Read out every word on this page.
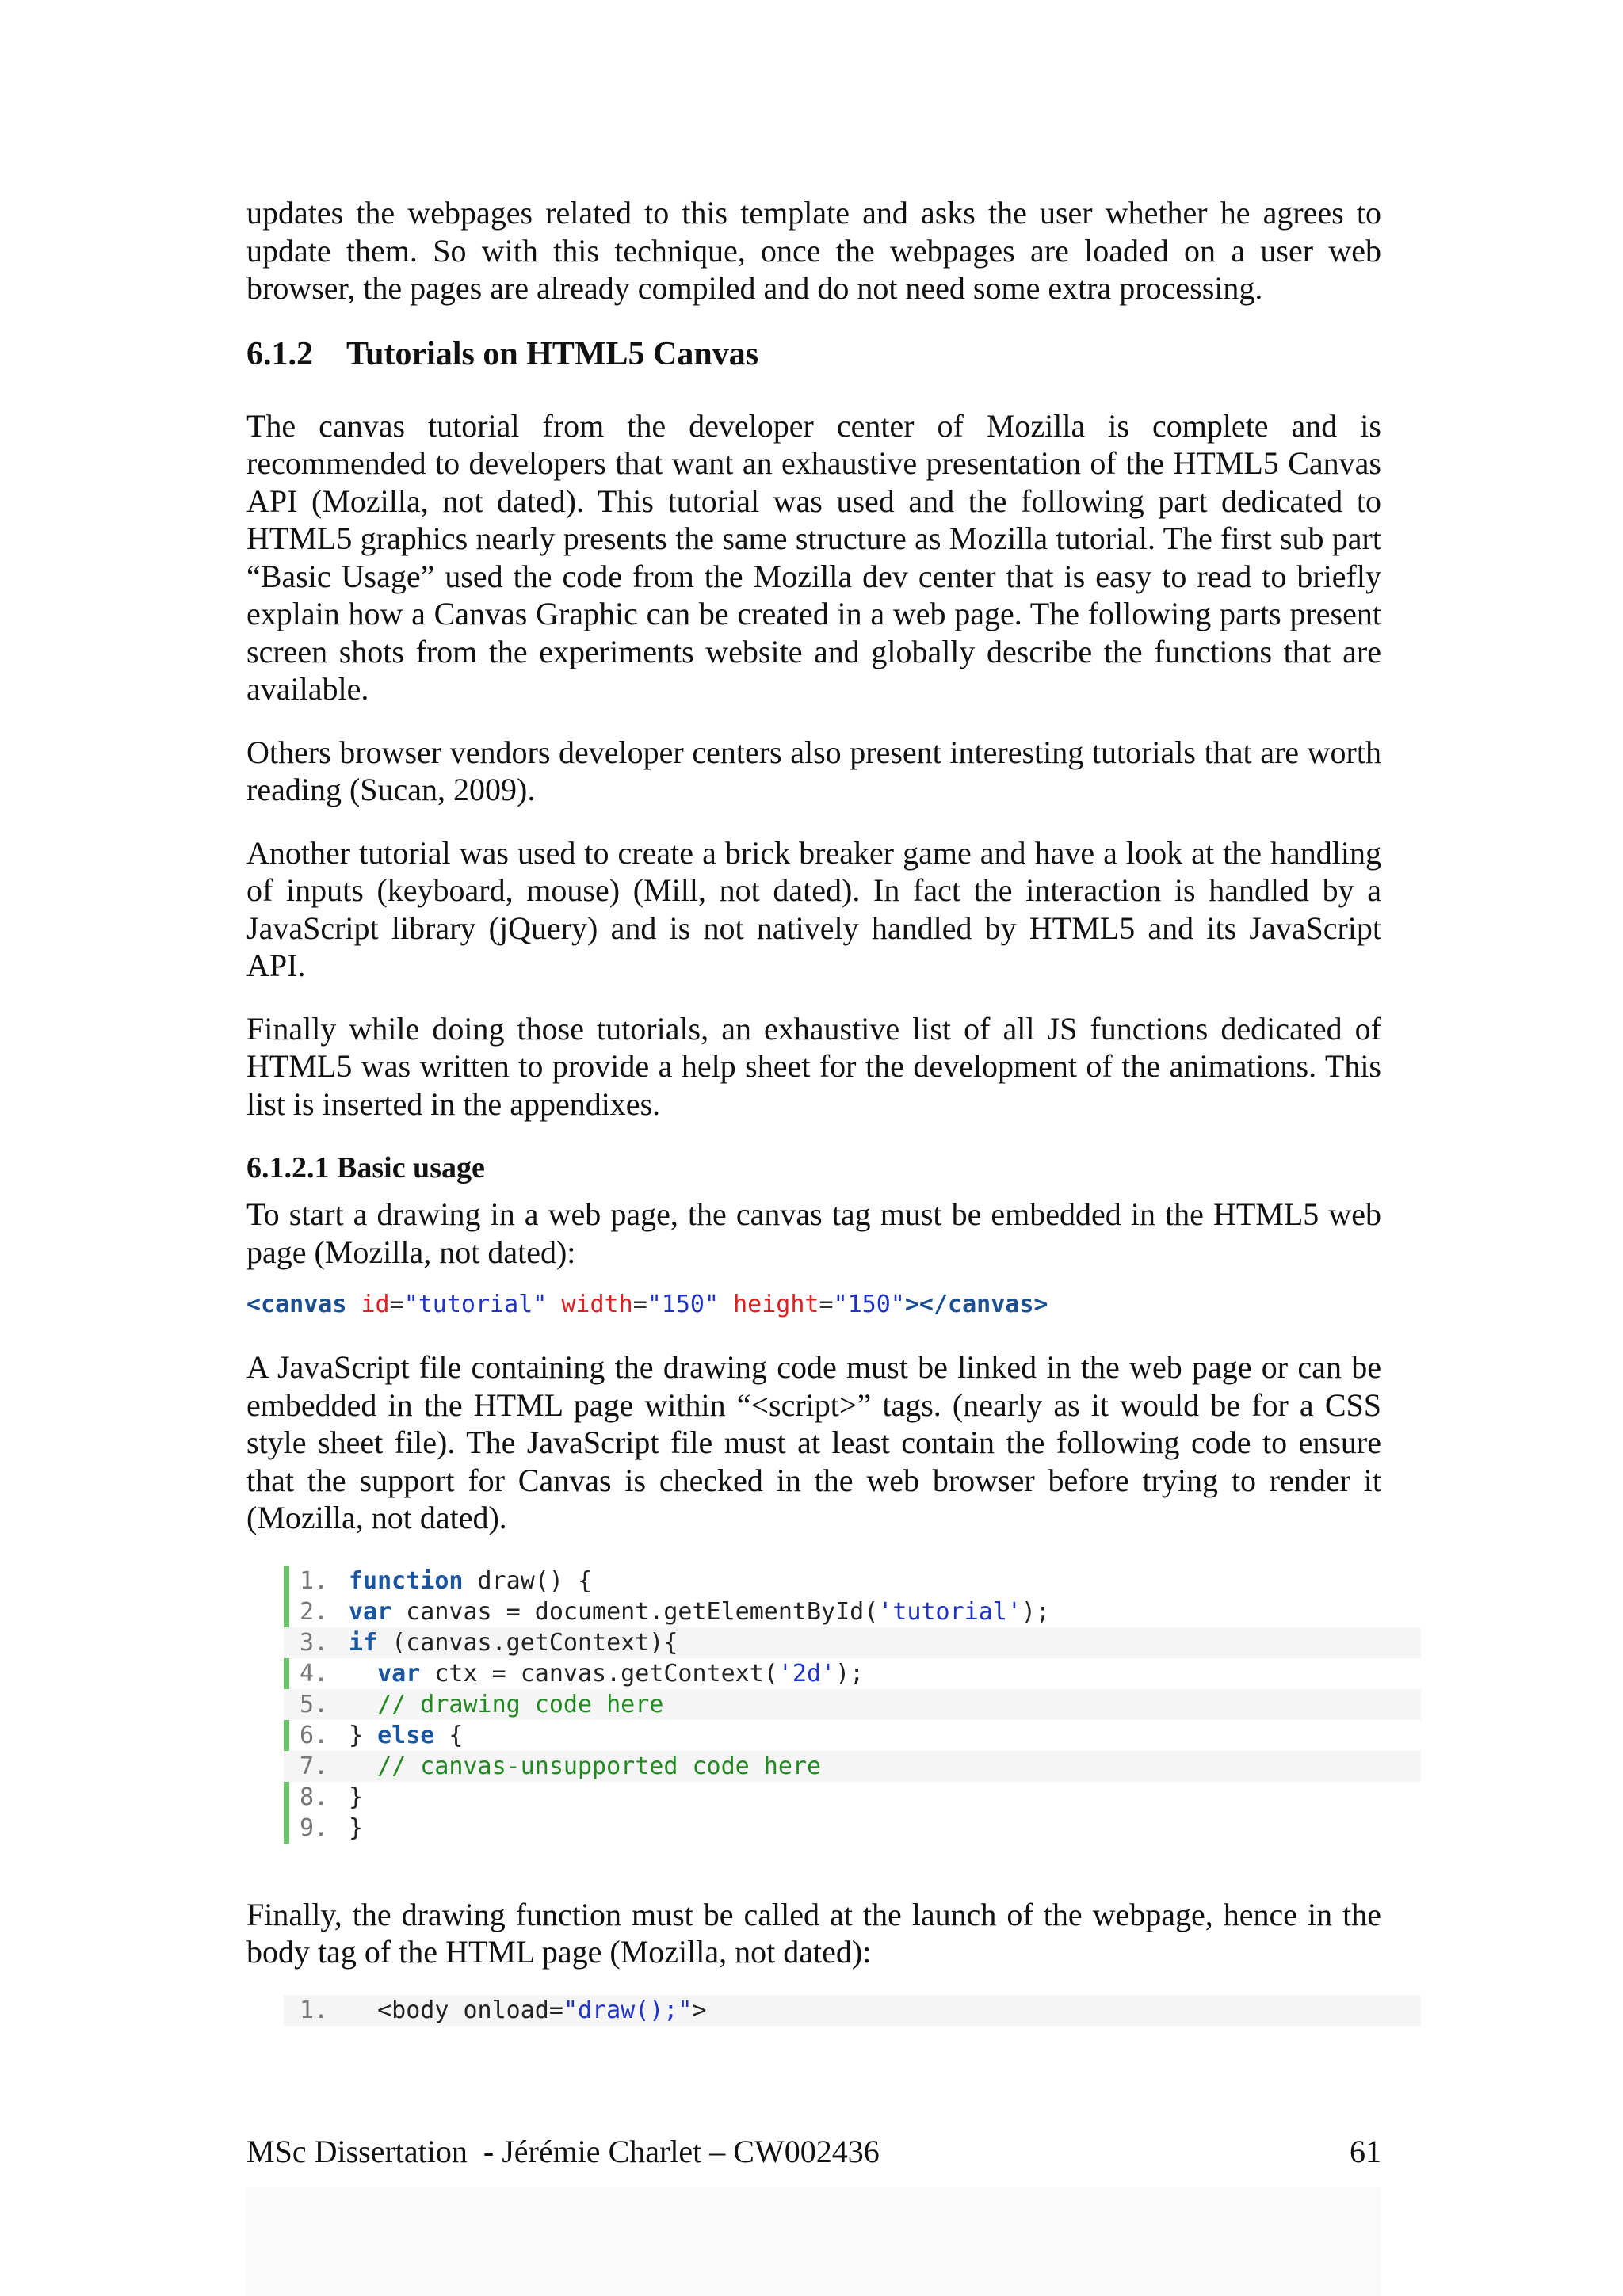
updates the webpages related to this template and asks the user whether he agrees to update them. So with this technique, once the webpages are loaded on a user web browser, the pages are already compiled and do not need some extra processing.

6.1.2 Tutorials on HTML5 Canvas

The canvas tutorial from the developer center of Mozilla is complete and is recommended to developers that want an exhaustive presentation of the HTML5 Canvas API (Mozilla, not dated). This tutorial was used and the following part dedicated to HTML5 graphics nearly presents the same structure as Mozilla tutorial. The first sub part “Basic Usage” used the code from the Mozilla dev center that is easy to read to briefly explain how a Canvas Graphic can be created in a web page. The following parts present screen shots from the experiments website and globally describe the functions that are available.

Others browser vendors developer centers also present interesting tutorials that are worth reading (Sucan, 2009).

Another tutorial was used to create a brick breaker game and have a look at the handling of inputs (keyboard, mouse) (Mill, not dated). In fact the interaction is handled by a JavaScript library (jQuery) and is not natively handled by HTML5 and its JavaScript API.

Finally while doing those tutorials, an exhaustive list of all JS functions dedicated of HTML5 was written to provide a help sheet for the development of the animations. This list is inserted in the appendixes.

6.1.2.1 Basic usage

To start a drawing in a web page, the canvas tag must be embedded in the HTML5 web page (Mozilla, not dated):

<canvas id="tutorial" width="150" height="150"></canvas>

A JavaScript file containing the drawing code must be linked in the web page or can be embedded in the HTML page within “<script>” tags. (nearly as it would be for a CSS style sheet file). The JavaScript file must at least contain the following code to ensure that the support for Canvas is checked in the web browser before trying to render it (Mozilla, not dated).

1. function draw() {
2. var canvas = document.getElementById('tutorial');
3. if (canvas.getContext){
4. var ctx = canvas.getContext('2d');
5. // drawing code here
6. } else {
7. // canvas-unsupported code here
8. }
9. }

Finally, the drawing function must be called at the launch of the webpage, hence in the body tag of the HTML page (Mozilla, not dated):

1.  <body onload="draw();">
MSc Dissertation  - Jérémie Charlet – CW002436	61
